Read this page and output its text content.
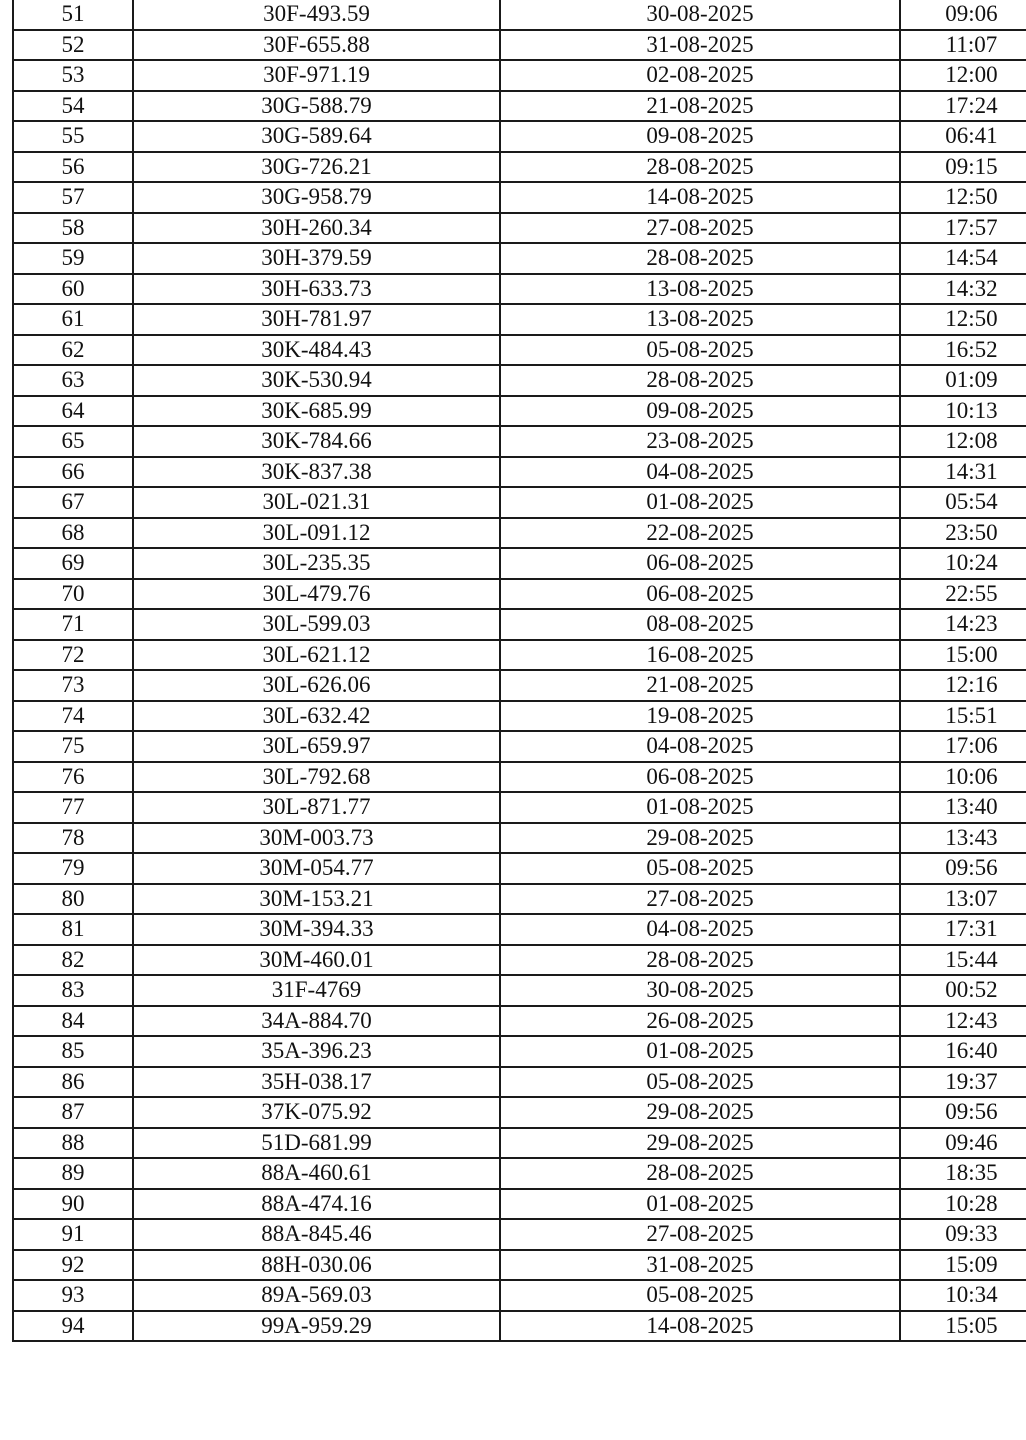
51	30F-493.59	30-08-2025	09:06
52	30F-655.88	31-08-2025	11:07
53	30F-971.19	02-08-2025	12:00
54	30G-588.79	21-08-2025	17:24
55	30G-589.64	09-08-2025	06:41
56	30G-726.21	28-08-2025	09:15
57	30G-958.79	14-08-2025	12:50
58	30H-260.34	27-08-2025	17:57
59	30H-379.59	28-08-2025	14:54
60	30H-633.73	13-08-2025	14:32
61	30H-781.97	13-08-2025	12:50
62	30K-484.43	05-08-2025	16:52
63	30K-530.94	28-08-2025	01:09
64	30K-685.99	09-08-2025	10:13
65	30K-784.66	23-08-2025	12:08
66	30K-837.38	04-08-2025	14:31
67	30L-021.31	01-08-2025	05:54
68	30L-091.12	22-08-2025	23:50
69	30L-235.35	06-08-2025	10:24
70	30L-479.76	06-08-2025	22:55
71	30L-599.03	08-08-2025	14:23
72	30L-621.12	16-08-2025	15:00
73	30L-626.06	21-08-2025	12:16
74	30L-632.42	19-08-2025	15:51
75	30L-659.97	04-08-2025	17:06
76	30L-792.68	06-08-2025	10:06
77	30L-871.77	01-08-2025	13:40
78	30M-003.73	29-08-2025	13:43
79	30M-054.77	05-08-2025	09:56
80	30M-153.21	27-08-2025	13:07
81	30M-394.33	04-08-2025	17:31
82	30M-460.01	28-08-2025	15:44
83	31F-4769	30-08-2025	00:52
84	34A-884.70	26-08-2025	12:43
85	35A-396.23	01-08-2025	16:40
86	35H-038.17	05-08-2025	19:37
87	37K-075.92	29-08-2025	09:56
88	51D-681.99	29-08-2025	09:46
89	88A-460.61	28-08-2025	18:35
90	88A-474.16	01-08-2025	10:28
91	88A-845.46	27-08-2025	09:33
92	88H-030.06	31-08-2025	15:09
93	89A-569.03	05-08-2025	10:34
94	99A-959.29	14-08-2025	15:05
